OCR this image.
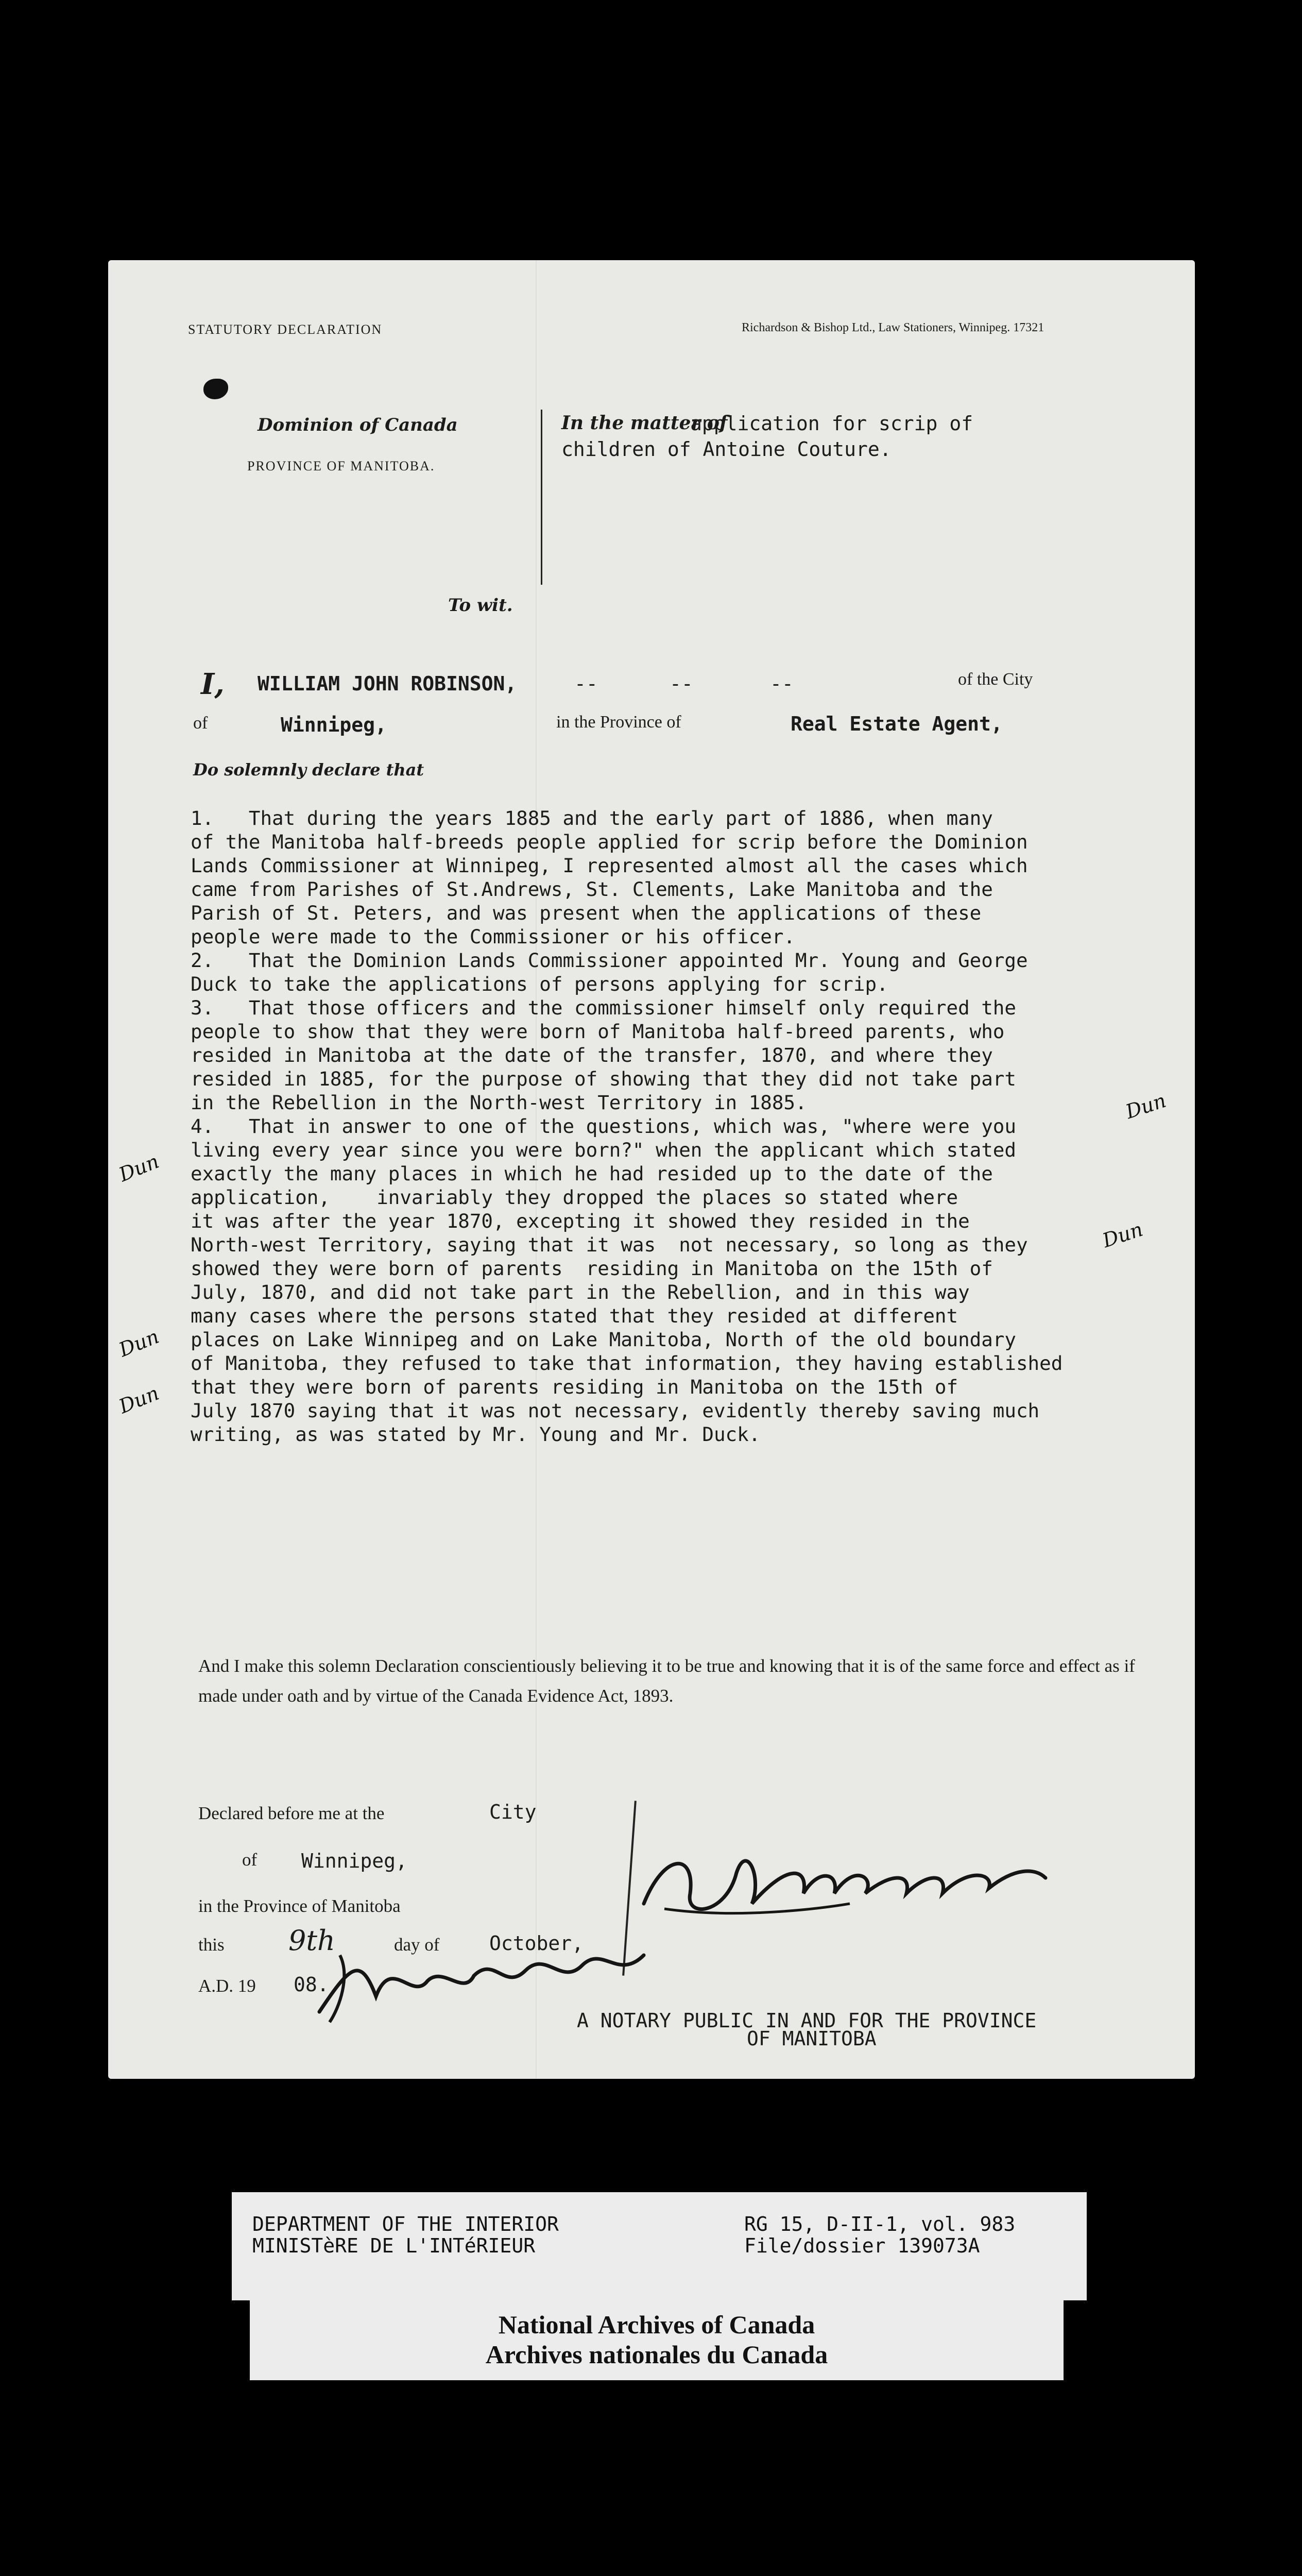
STATUTORY DECLARATION	Richardson & Bishop Ltd., Law Stationers, Winnipeg. 17321
Dominion of Canada
PROVINCE OF MANITOBA.
To wit.
In the matter of
application for scrip of
children of Antoine Couture.
I, WILLIAM JOHN ROBINSON,	--	--	--	of the City
of	Winnipeg,	in the Province of	Real Estate Agent,
Do solemnly declare that
1.   That during the years 1885 and the early part of 1886, when many
of the Manitoba half-breeds people applied for scrip before the Dominion
Lands Commissioner at Winnipeg, I represented almost all the cases which
came from Parishes of St.Andrews, St. Clements, Lake Manitoba and the
Parish of St. Peters, and was present when the applications of these
people were made to the Commissioner or his officer.
2.   That the Dominion Lands Commissioner appointed Mr. Young and George
Duck to take the applications of persons applying for scrip.
3.   That those officers and the commissioner himself only required the
people to show that they were born of Manitoba half-breed parents, who
resided in Manitoba at the date of the transfer, 1870, and where they
resided in 1885, for the purpose of showing that they did not take part
in the Rebellion in the North-west Territory in 1885.
4.   That in answer to one of the questions, which was, "where were you
living every year since you were born?" when the applicant which stated
exactly the many places in which he had resided up to the date of the
application,    invariably they dropped the places so stated where
it was after the year 1870, excepting it showed they resided in the
North-west Territory, saying that it was  not necessary, so long as they
showed they were born of parents  residing in Manitoba on the 15th of
July, 1870, and did not take part in the Rebellion, and in this way
many cases where the persons stated that they resided at different
places on Lake Winnipeg and on Lake Manitoba, North of the old boundary
of Manitoba, they refused to take that information, they having established
that they were born of parents residing in Manitoba on the 15th of
July 1870 saying that it was not necessary, evidently thereby saving much
writing, as was stated by Mr. Young and Mr. Duck.
Dun
Dun
Dun
Dun
Dun
And I make this solemn Declaration conscientiously believing it to be true and knowing that it is of the same force and effect as if made under oath and by virtue of the Canada Evidence Act, 1893.
Declared before me at the	City
of Winnipeg,
in the Province of Manitoba
this 9th	day of	October,
A.D. 19 08.
A NOTARY PUBLIC IN AND FOR THE PROVINCE
OF MANITOBA
DEPARTMENT OF THE INTERIOR
MINISTèRE DE L'INTéRIEUR
RG 15, D-II-1, vol. 983
File/dossier 139073A
National Archives of Canada
Archives nationales du Canada
